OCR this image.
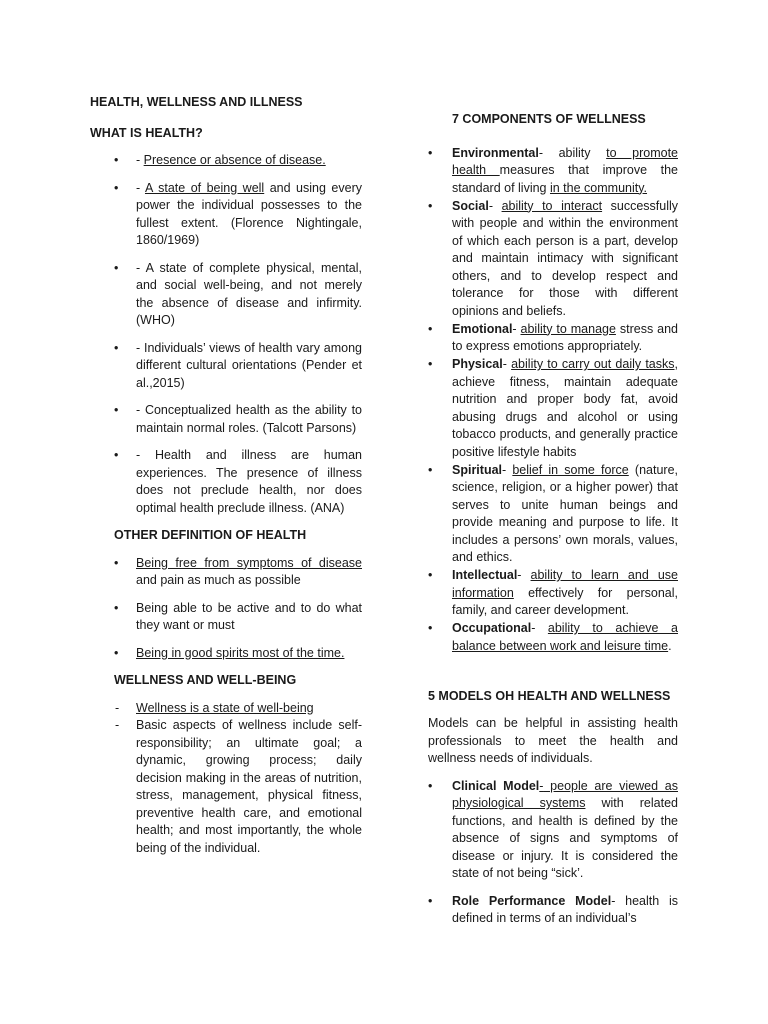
HEALTH, WELLNESS AND ILLNESS

WHAT IS HEALTH?

• - Presence or absence of disease.
• - A state of being well and using every power the individual possesses to the fullest extent. (Florence Nightingale, 1860/1969)
• - A state of complete physical, mental, and social well-being, and not merely the absence of disease and infirmity. (WHO)
• - Individuals’ views of health vary among different cultural orientations (Pender et al.,2015)
• - Conceptualized health as the ability to maintain normal roles. (Talcott Parsons)
• - Health and illness are human experiences. The presence of illness does not preclude health, nor does optimal health preclude illness. (ANA)

OTHER DEFINITION OF HEALTH

• Being free from symptoms of disease and pain as much as possible
• Being able to be active and to do what they want or must
• Being in good spirits most of the time.

WELLNESS AND WELL-BEING

- Wellness is a state of well-being
- Basic aspects of wellness include self-responsibility; an ultimate goal; a dynamic, growing process; daily decision making in the areas of nutrition, stress, management, physical fitness, preventive health care, and emotional health; and most importantly, the whole being of the individual.

7 COMPONENTS OF WELLNESS

• Environmental- ability to promote health measures that improve the standard of living in the community.
• Social- ability to interact successfully with people and within the environment of which each person is a part, develop and maintain intimacy with significant others, and to develop respect and tolerance for those with different opinions and beliefs.
• Emotional- ability to manage stress and to express emotions appropriately.
• Physical- ability to carry out daily tasks, achieve fitness, maintain adequate nutrition and proper body fat, avoid abusing drugs and alcohol or using tobacco products, and generally practice positive lifestyle habits
• Spiritual- belief in some force (nature, science, religion, or a higher power) that serves to unite human beings and provide meaning and purpose to life. It includes a persons’ own morals, values, and ethics.
• Intellectual- ability to learn and use information effectively for personal, family, and career development.
• Occupational- ability to achieve a balance between work and leisure time.

5 MODELS OH HEALTH AND WELLNESS

Models can be helpful in assisting health professionals to meet the health and wellness needs of individuals.

• Clinical Model- people are viewed as physiological systems with related functions, and health is defined by the absence of signs and symptoms of disease or injury. It is considered the state of not being “sick’.
• Role Performance Model- health is defined in terms of an individual’s
